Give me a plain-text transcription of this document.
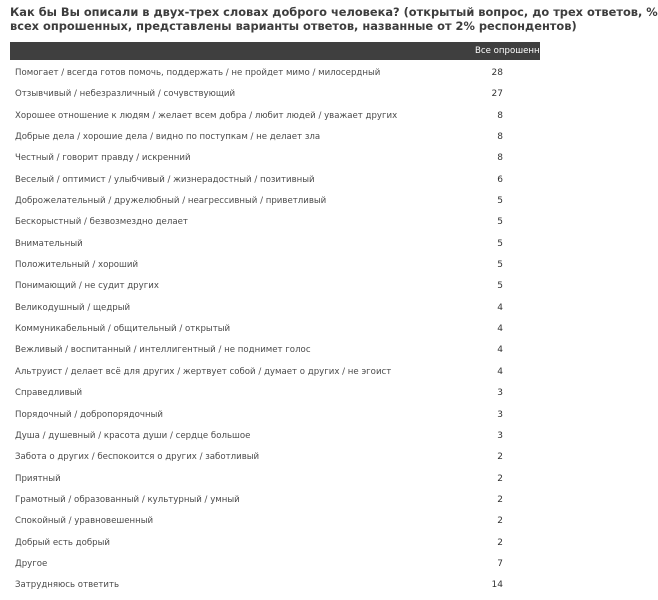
Как бы Вы описали в двух-трех словах доброго человека? (открытый вопрос, до трех ответов, %
всех опрошенных, представлены варианты ответов, названные от 2% респондентов)
Все опрошенные
Помогает / всегда готов помочь, поддержать / не пройдет мимо / милосердный	28
Отзывчивый / небезразличный / сочувствующий	27
Хорошее отношение к людям / желает всем добра / любит людей / уважает других	8
Добрые дела / хорошие дела / видно по поступкам / не делает зла	8
Честный / говорит правду / искренний	8
Веселый / оптимист / улыбчивый / жизнерадостный / позитивный	6
Доброжелательный / дружелюбный / неагрессивный / приветливый	5
Бескорыстный / безвозмездно делает	5
Внимательный	5
Положительный / хороший	5
Понимающий / не судит других	5
Великодушный / щедрый	4
Коммуникабельный / общительный / открытый	4
Вежливый / воспитанный / интеллигентный / не поднимет голос	4
Альтруист / делает всё для других / жертвует собой / думает о других / не эгоист	4
Справедливый	3
Порядочный / добропорядочный	3
Душа / душевный / красота души / сердце большое	3
Забота о других / беспокоится о других / заботливый	2
Приятный	2
Грамотный / образованный / культурный / умный	2
Спокойный / уравновешенный	2
Добрый есть добрый	2
Другое	7
Затрудняюсь ответить	14
